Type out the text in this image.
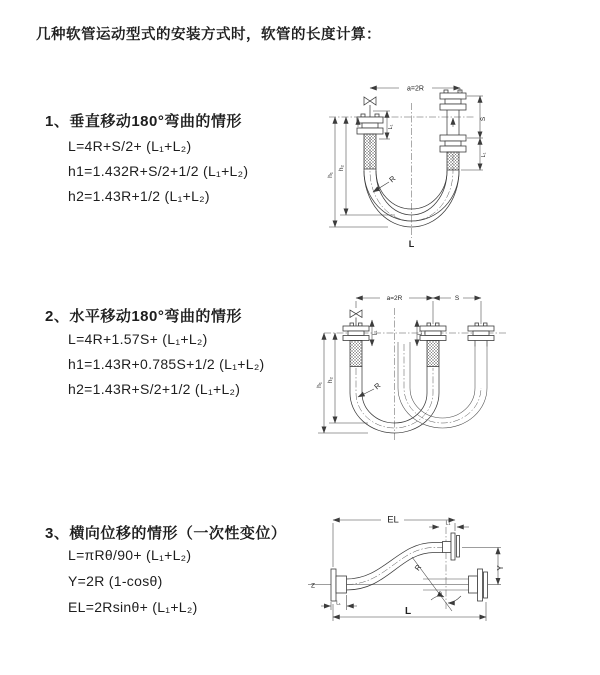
几种软管运动型式的安装方式时，软管的长度计算：
1、垂直移动180°弯曲的情形
L=4R+S/2+ (L₁+L₂)
h1=1.432R+S/2+1/2 (L₁+L₂)
h2=1.43R+1/2 (L₁+L₂)
2、水平移动180°弯曲的情形
L=4R+1.57S+ (L₁+L₂)
h1=1.43R+0.785S+1/2 (L₁+L₂)
h2=1.43R+S/2+1/2 (L₁+L₂)
3、横向位移的情形（一次性变位）
L=πRθ/90+ (L₁+L₂)
Y=2R (1-cosθ)
EL=2Rsinθ+ (L₁+L₂)
a=2R
h₁
h₂
L₁
S
L₁
R
L
a=2R	S
h₁
h₂
L₁	L₁
R
EL	L₁
R
θ
Y
L
L₁
Z
